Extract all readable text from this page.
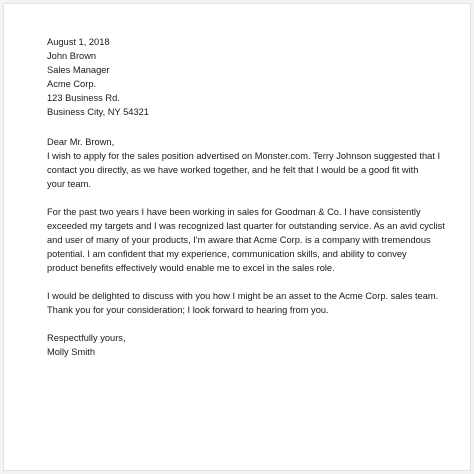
August 1, 2018

John Brown

Sales Manager

Acme Corp.

123 Business Rd.

Business City, NY 54321

Dear Mr. Brown,

I wish to apply for the sales position advertised on Monster.com. Terry Johnson suggested that I

contact you directly, as we have worked together, and he felt that I would be a good fit with

your team.

For the past two years I have been working in sales for Goodman & Co. I have consistently

exceeded my targets and I was recognized last quarter for outstanding service. As an avid cyclist

and user of many of your products, I'm aware that Acme Corp. is a company with tremendous

potential. I am confident that my experience, communication skills, and ability to convey

product benefits effectively would enable me to excel in the sales role.

I would be delighted to discuss with you how I might be an asset to the Acme Corp. sales team.

Thank you for your consideration; I look forward to hearing from you.

Respectfully yours,

Molly Smith
